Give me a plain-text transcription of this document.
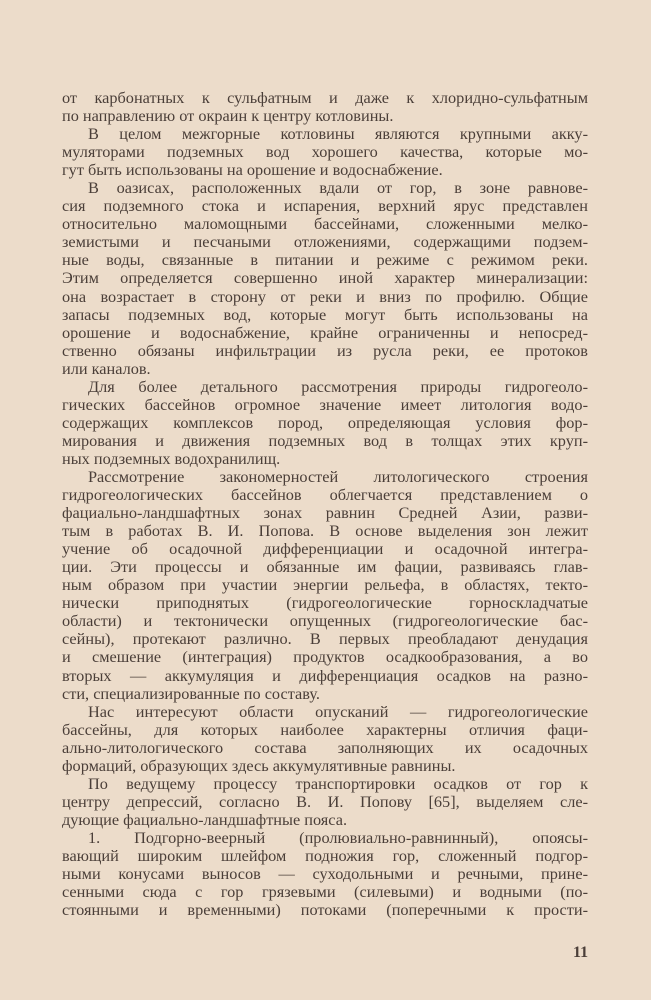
от карбонатных к сульфатным и даже к хлоридно-сульфатным
по направлению от окраин к центру котловины.
В целом межгорные котловины являются крупными акку-
муляторами подземных вод хорошего качества, которые мо-
гут быть использованы на орошение и водоснабжение.
В оазисах, расположенных вдали от гор, в зоне равнове-
сия подземного стока и испарения, верхний ярус представлен
относительно маломощными бассейнами, сложенными мелко-
земистыми и песчаными отложениями, содержащими подзем-
ные воды, связанные в питании и режиме с режимом реки.
Этим определяется совершенно иной характер минерализации:
она возрастает в сторону от реки и вниз по профилю. Общие
запасы подземных вод, которые могут быть использованы на
орошение и водоснабжение, крайне ограниченны и непосред-
ственно обязаны инфильтрации из русла реки, ее протоков
или каналов.
Для более детального рассмотрения природы гидрогеоло-
гических бассейнов огромное значение имеет литология водо-
содержащих комплексов пород, определяющая условия фор-
мирования и движения подземных вод в толщах этих круп-
ных подземных водохранилищ.
Рассмотрение закономерностей литологического строения
гидрогеологических бассейнов облегчается представлением о
фациально-ландшафтных зонах равнин Средней Азии, разви-
тым в работах В. И. Попова. В основе выделения зон лежит
учение об осадочной дифференциации и осадочной интегра-
ции. Эти процессы и обязанные им фации, развиваясь глав-
ным образом при участии энергии рельефа, в областях, текто-
нически приподнятых (гидрогеологические горноскладчатые
области) и тектонически опущенных (гидрогеологические бас-
сейны), протекают различно. В первых преобладают денудация
и смешение (интеграция) продуктов осадкообразования, а во
вторых — аккумуляция и дифференциация осадков на разно-
сти, специализированные по составу.
Нас интересуют области опусканий — гидрогеологические
бассейны, для которых наиболее характерны отличия фаци-
ально-литологического состава заполняющих их осадочных
формаций, образующих здесь аккумулятивные равнины.
По ведущему процессу транспортировки осадков от гор к
центру депрессий, согласно В. И. Попову [65], выделяем сле-
дующие фациально-ландшафтные пояса.
1. Подгорно-веерный (пролювиально-равнинный), опоясы-
вающий широким шлейфом подножия гор, сложенный подгор-
ными конусами выносов — суходольными и речными, прине-
сенными сюда с гор грязевыми (силевыми) и водными (по-
стоянными и временными) потоками (поперечными к прости-
11
